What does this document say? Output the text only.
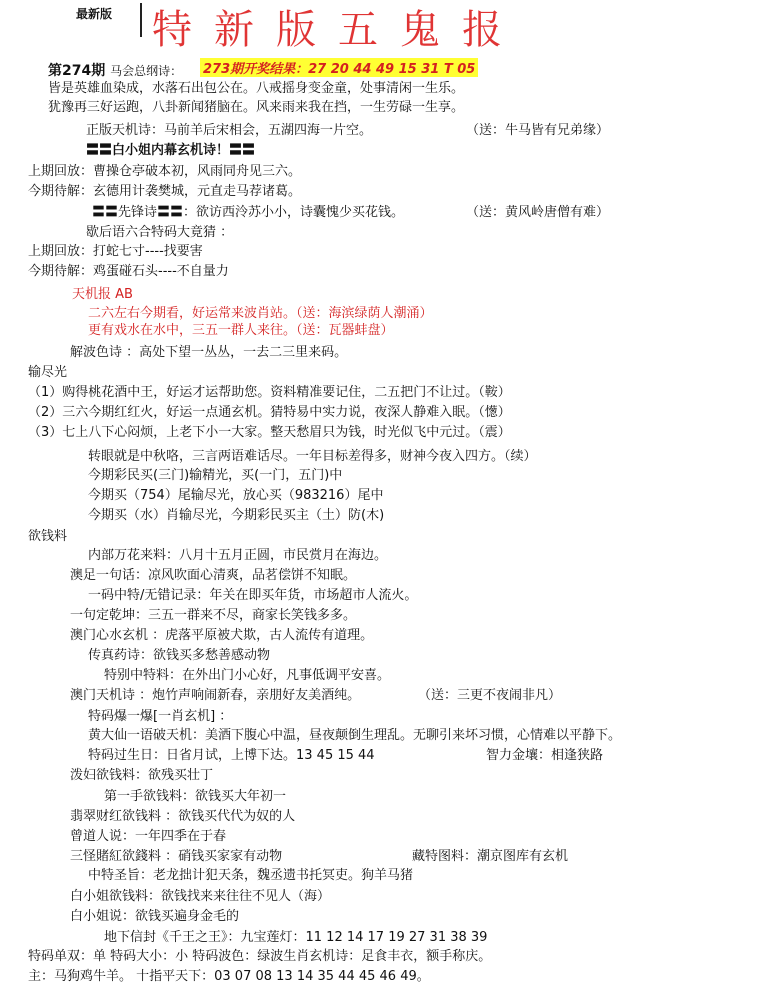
最新版 特新版五鬼报
第274期 马会总纲诗： 273期开奖结果：27 20 44 49 15 31 T 05
皆是英雄血染成，水落石出包公在。八戒摇身变金童，处事清闲一生乐。
犹豫再三好运跑，八卦新闻猪脑在。风来雨来我在挡，一生劳碌一生享。
正版天机诗：马前羊后宋相会，五湖四海一片空。	（送：牛马皆有兄弟缘）
〓〓白小姐内幕玄机诗！〓〓
上期回放：曹操仓亭破本初，风雨同舟见三六。
今期待解：玄德用计袭樊城，元直走马荐诸葛。
〓〓先锋诗〓〓：欲访西泠苏小小，诗囊愧少买花钱。	（送：黄风岭唐僧有难）
歇后语六合特码大竟猜 ：
上期回放：打蛇七寸----找要害
今期待解：鸡蛋碰石头----不自量力
天机报 AB
二六左右今期看，好运常来波肖站。（送：海滨绿荫人潮涌）
更有戏水在水中，三五一群人来往。（送：瓦器蚌盘）
解波色诗 ：高处下望一丛丛，一去二三里来码。
输尽光
（1）购得桃花酒中王，好运才运帮助您。资料精准要记住，二五把门不让过。（鞍）
（2）三六今期红红火，好运一点通玄机。猜特易中实力说，夜深人静难入眠。（憽）
（3）七上八下心闷烦，上老下小一大家。整天愁眉只为钱，时光似飞中元过。（震）
转眼就是中秋咯，三言两语难话尽。一年目标差得多，财神今夜入四方。（续）
今期彩民买(三门)输精光，买(一门，五门)中
今期买（754）尾输尽光，放心买（983216）尾中
今期买（水）肖输尽光，今期彩民买主（土）防(木)
欲钱料
内部万花来料：八月十五月正圆，市民赏月在海边。
澳足一句话：凉风吹面心清爽，品茗偿饼不知眠。
一码中特/无错记录：年关在即买年货，市场超市人流火。
一句定乾坤：三五一群来不尽，商家长笑钱多多。
澳门心水玄机 ：虎落平原被犬欺，古人流传有道理。
传真药诗：欲钱买多愁善感动物
特别中特料：在外出门小心好，凡事低调平安喜。
澳门天机诗 ：炮竹声响闹新春，亲朋好友美酒纯。	（送：三更不夜闹非凡）
特码爆一爆[一肖玄机] ：
黄大仙一语破天机：美酒下腹心中温，昼夜颠倒生理乱。无聊引来坏习惯，心情难以平静下。
特码过生日：日省月试，上博下达。13 45 15 44	智力金壤：相逢狭路
泼妇欲钱料：欲残买壮丁
第一手欲钱料：欲钱买大年初一
翡翠财红欲钱料 ：欲钱买代代为奴的人
曾道人说：一年四季在于春
三怪賭紅欲錢料 ：硝钱买家家有动物	藏特图料：潮京图库有玄机
中特圣旨：老龙拙计犯天条，魏丞遗书托冥吏。狗羊马猪
白小姐欲钱料：欲钱找来来往往不见人（海）
白小姐说：欲钱买遍身金毛的
地下信封《千王之王》：九宝莲灯：11 12 14 17 19 27 31 38 39
特码单双：单 特码大小：小 特码波色：绿波生肖玄机诗：足食丰衣，额手称庆。
主：马狗鸡牛羊。 十指平天下：03 07 08 13 14 35 44 45 46 49。
